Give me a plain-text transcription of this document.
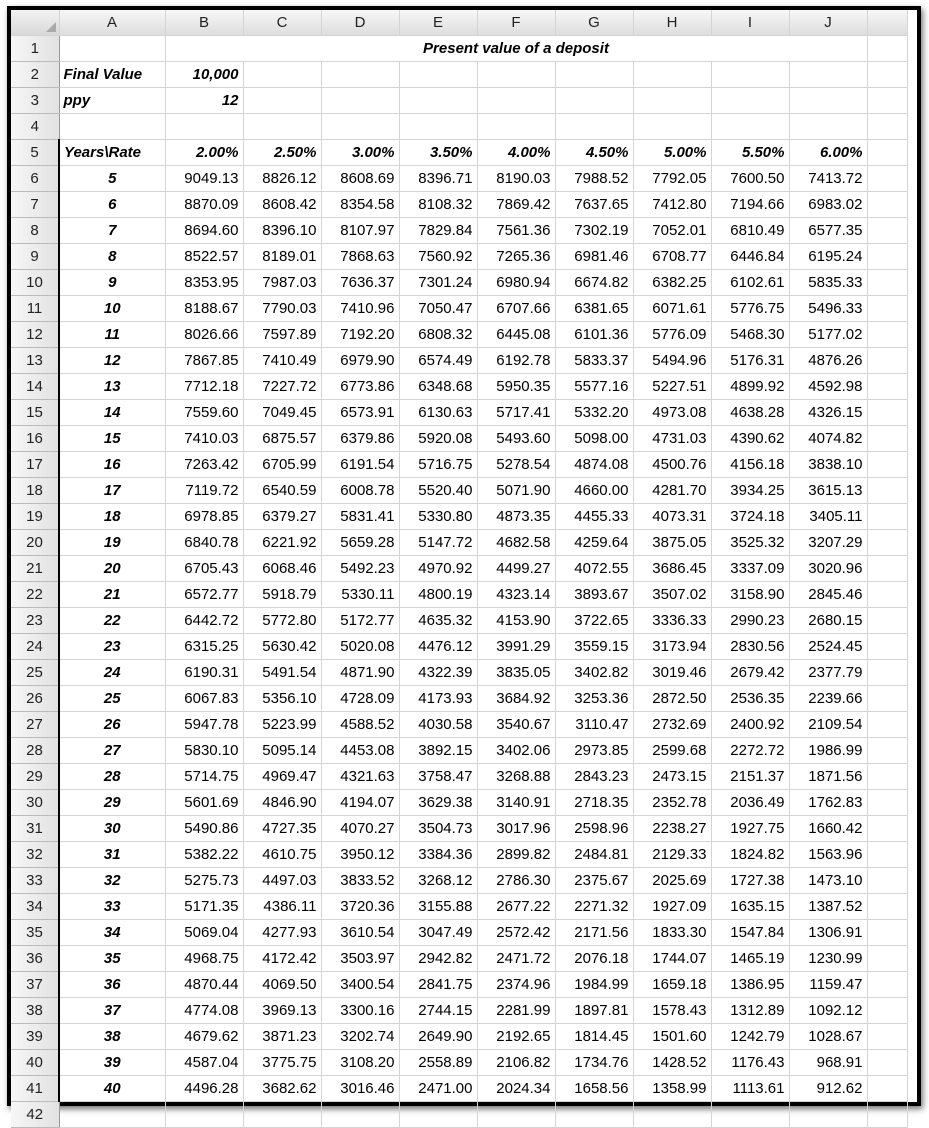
	A	B	C	D	E	F	G	H	I	J	
1		Present value of a deposit									
2	Final Value	10,000									
3	ppy	12									
4											
5	Years\Rate	2.00%	2.50%	3.00%	3.50%	4.00%	4.50%	5.00%	5.50%	6.00%	
6	5	9049.13	8826.12	8608.69	8396.71	8190.03	7988.52	7792.05	7600.50	7413.72	
7	6	8870.09	8608.42	8354.58	8108.32	7869.42	7637.65	7412.80	7194.66	6983.02	
8	7	8694.60	8396.10	8107.97	7829.84	7561.36	7302.19	7052.01	6810.49	6577.35	
9	8	8522.57	8189.01	7868.63	7560.92	7265.36	6981.46	6708.77	6446.84	6195.24	
10	9	8353.95	7987.03	7636.37	7301.24	6980.94	6674.82	6382.25	6102.61	5835.33	
11	10	8188.67	7790.03	7410.96	7050.47	6707.66	6381.65	6071.61	5776.75	5496.33	
12	11	8026.66	7597.89	7192.20	6808.32	6445.08	6101.36	5776.09	5468.30	5177.02	
13	12	7867.85	7410.49	6979.90	6574.49	6192.78	5833.37	5494.96	5176.31	4876.26	
14	13	7712.18	7227.72	6773.86	6348.68	5950.35	5577.16	5227.51	4899.92	4592.98	
15	14	7559.60	7049.45	6573.91	6130.63	5717.41	5332.20	4973.08	4638.28	4326.15	
16	15	7410.03	6875.57	6379.86	5920.08	5493.60	5098.00	4731.03	4390.62	4074.82	
17	16	7263.42	6705.99	6191.54	5716.75	5278.54	4874.08	4500.76	4156.18	3838.10	
18	17	7119.72	6540.59	6008.78	5520.40	5071.90	4660.00	4281.70	3934.25	3615.13	
19	18	6978.85	6379.27	5831.41	5330.80	4873.35	4455.33	4073.31	3724.18	3405.11	
20	19	6840.78	6221.92	5659.28	5147.72	4682.58	4259.64	3875.05	3525.32	3207.29	
21	20	6705.43	6068.46	5492.23	4970.92	4499.27	4072.55	3686.45	3337.09	3020.96	
22	21	6572.77	5918.79	5330.11	4800.19	4323.14	3893.67	3507.02	3158.90	2845.46	
23	22	6442.72	5772.80	5172.77	4635.32	4153.90	3722.65	3336.33	2990.23	2680.15	
24	23	6315.25	5630.42	5020.08	4476.12	3991.29	3559.15	3173.94	2830.56	2524.45	
25	24	6190.31	5491.54	4871.90	4322.39	3835.05	3402.82	3019.46	2679.42	2377.79	
26	25	6067.83	5356.10	4728.09	4173.93	3684.92	3253.36	2872.50	2536.35	2239.66	
27	26	5947.78	5223.99	4588.52	4030.58	3540.67	3110.47	2732.69	2400.92	2109.54	
28	27	5830.10	5095.14	4453.08	3892.15	3402.06	2973.85	2599.68	2272.72	1986.99	
29	28	5714.75	4969.47	4321.63	3758.47	3268.88	2843.23	2473.15	2151.37	1871.56	
30	29	5601.69	4846.90	4194.07	3629.38	3140.91	2718.35	2352.78	2036.49	1762.83	
31	30	5490.86	4727.35	4070.27	3504.73	3017.96	2598.96	2238.27	1927.75	1660.42	
32	31	5382.22	4610.75	3950.12	3384.36	2899.82	2484.81	2129.33	1824.82	1563.96	
33	32	5275.73	4497.03	3833.52	3268.12	2786.30	2375.67	2025.69	1727.38	1473.10	
34	33	5171.35	4386.11	3720.36	3155.88	2677.22	2271.32	1927.09	1635.15	1387.52	
35	34	5069.04	4277.93	3610.54	3047.49	2572.42	2171.56	1833.30	1547.84	1306.91	
36	35	4968.75	4172.42	3503.97	2942.82	2471.72	2076.18	1744.07	1465.19	1230.99	
37	36	4870.44	4069.50	3400.54	2841.75	2374.96	1984.99	1659.18	1386.95	1159.47	
38	37	4774.08	3969.13	3300.16	2744.15	2281.99	1897.81	1578.43	1312.89	1092.12	
39	38	4679.62	3871.23	3202.74	2649.90	2192.65	1814.45	1501.60	1242.79	1028.67	
40	39	4587.04	3775.75	3108.20	2558.89	2106.82	1734.76	1428.52	1176.43	968.91	
41	40	4496.28	3682.62	3016.46	2471.00	2024.34	1658.56	1358.99	1113.61	912.62	
42											
